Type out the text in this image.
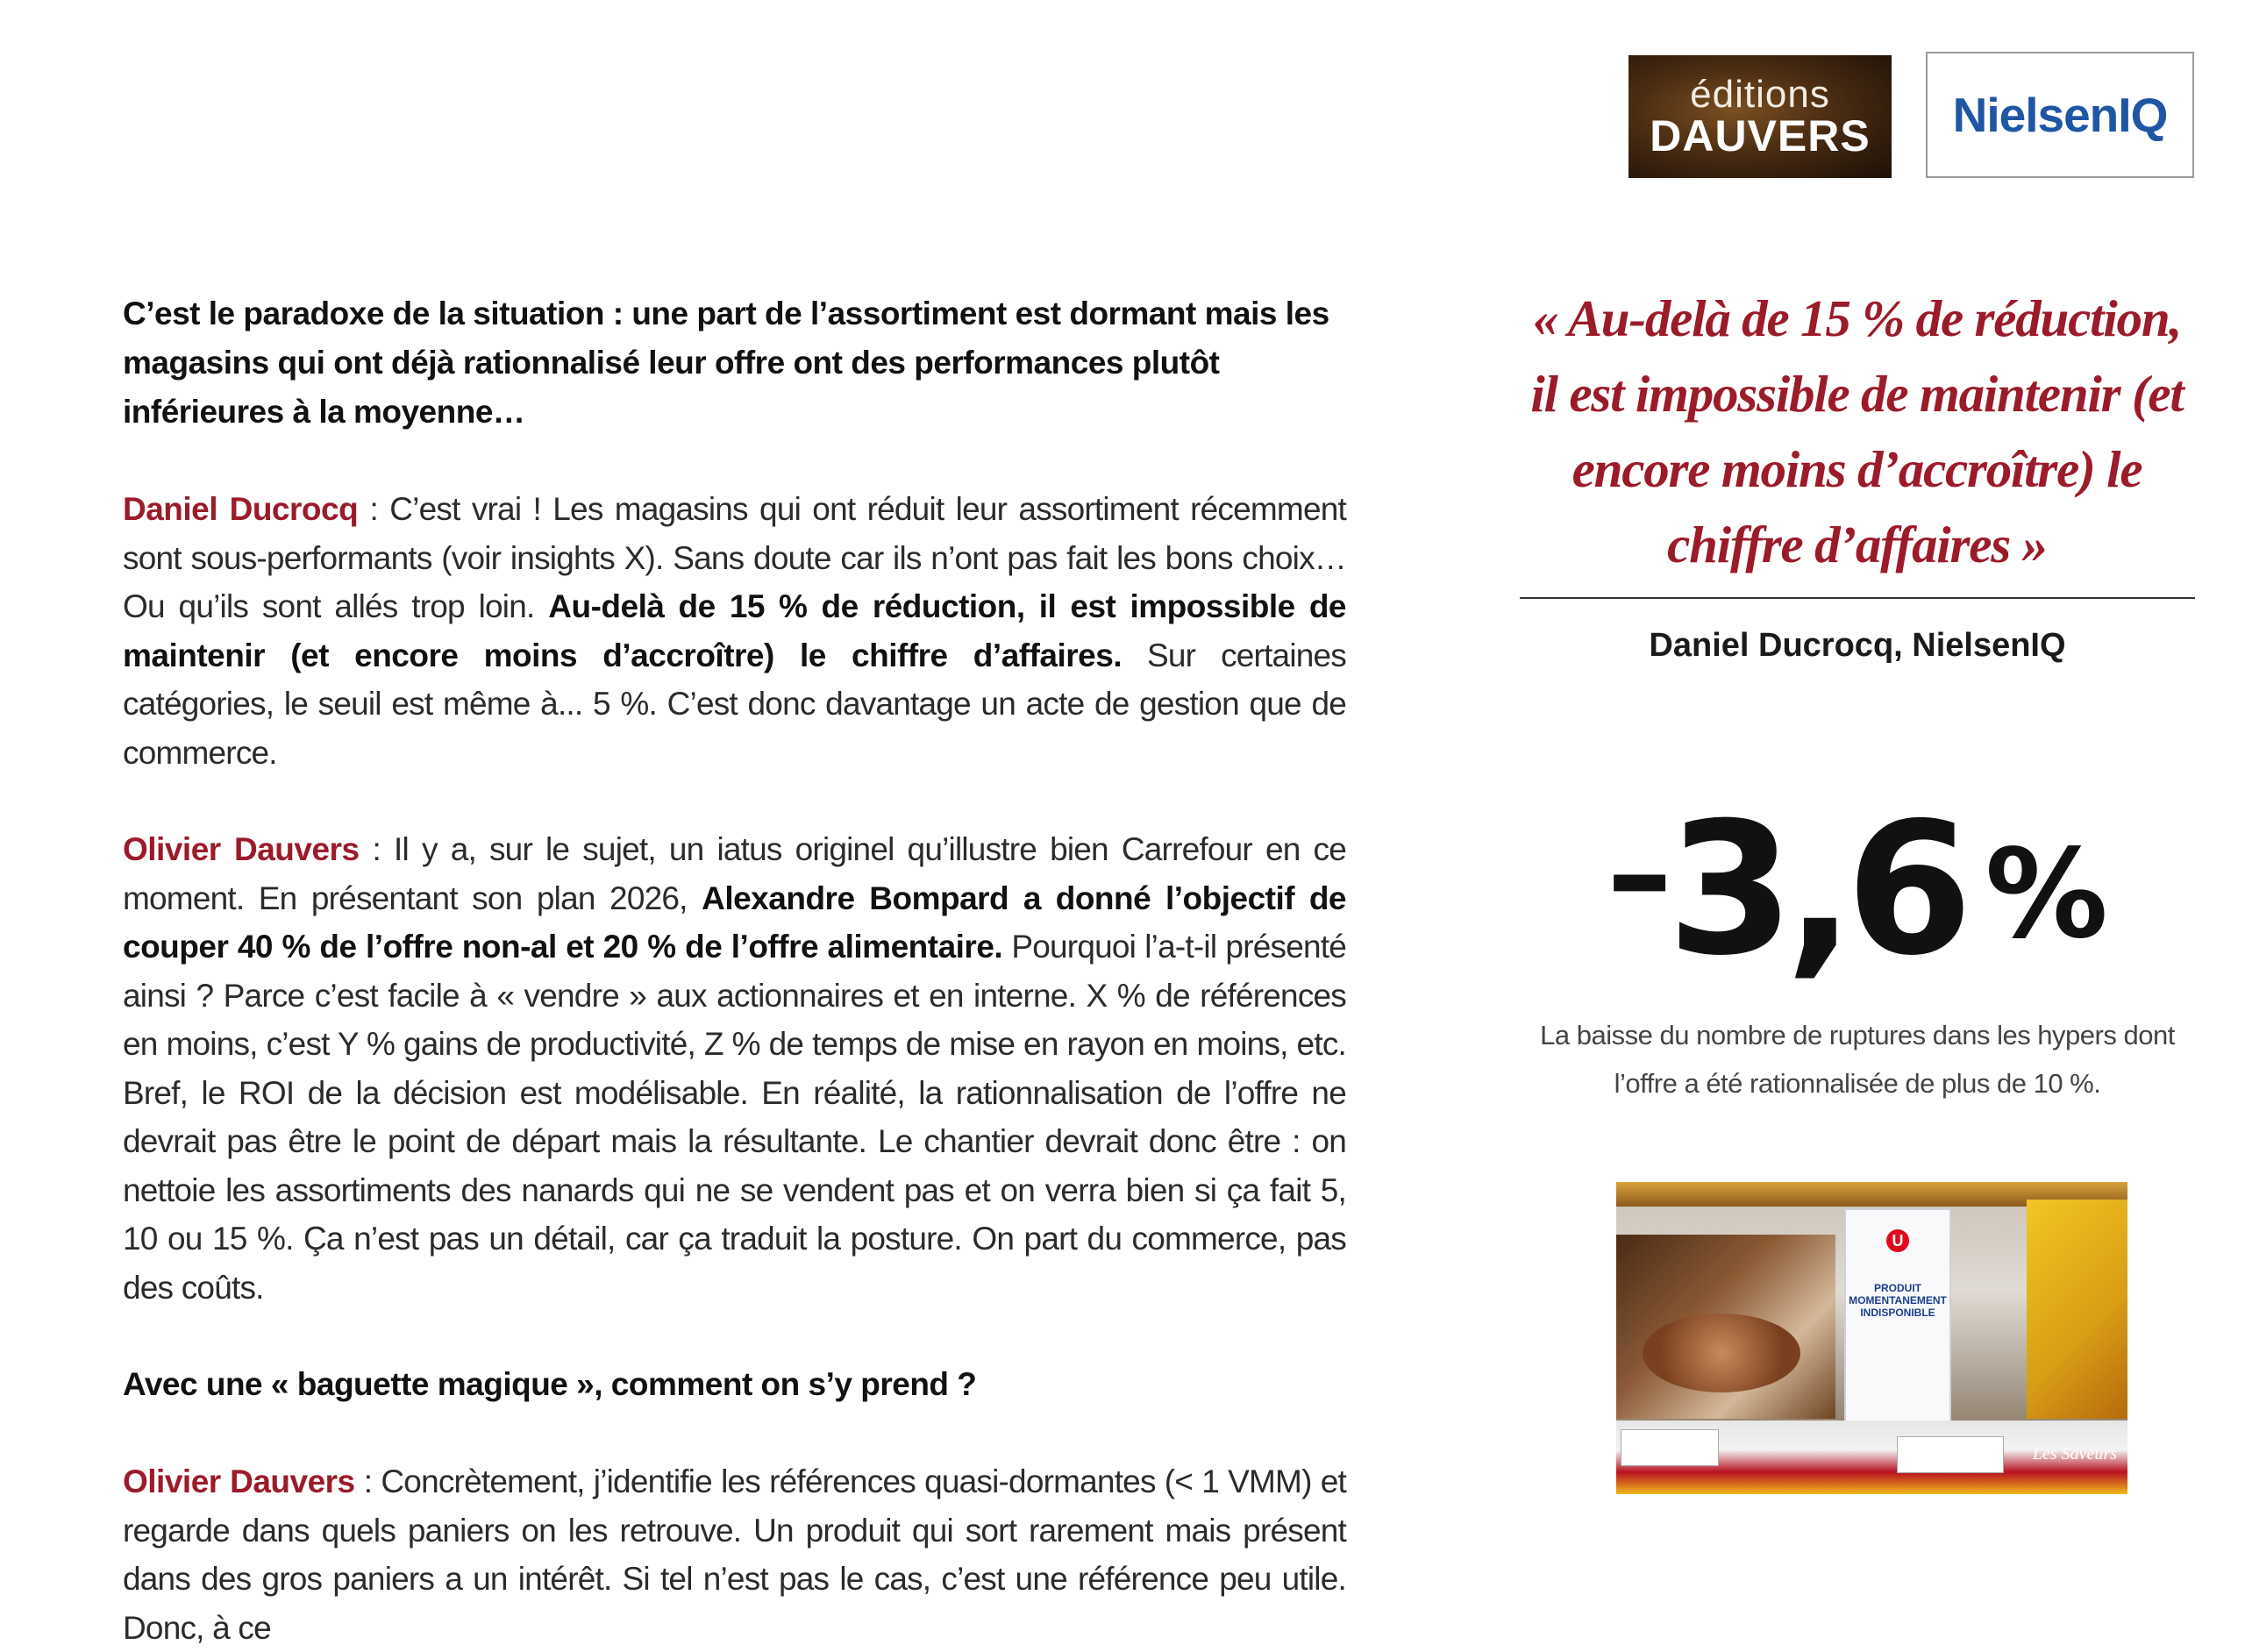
éditions
DAUVERS	NielsenIQ

C’est le paradoxe de la situation : une part de l’assortiment est dormant mais les magasins qui ont déjà rationnalisé leur offre ont des performances plutôt inférieures à la moyenne…

Daniel Ducrocq : C’est vrai ! Les magasins qui ont réduit leur assortiment récemment sont sous-performants (voir insights X). Sans doute car ils n’ont pas fait les bons choix… Ou qu’ils sont allés trop loin. Au-delà de 15 % de réduction, il est impossible de maintenir (et encore moins d’accroître) le chiffre d’affaires. Sur certaines catégories, le seuil est même à... 5 %. C’est donc davantage un acte de gestion que de commerce.

Olivier Dauvers : Il y a, sur le sujet, un iatus originel qu’illustre bien Carrefour en ce moment. En présentant son plan 2026, Alexandre Bompard a donné l’objectif de couper 40 % de l’offre non-al et 20 % de l’offre alimentaire. Pourquoi l’a-t-il présenté ainsi ? Parce c’est facile à « vendre » aux actionnaires et en interne. X % de références en moins, c’est Y % gains de productivité, Z % de temps de mise en rayon en moins, etc. Bref, le ROI de la décision est modélisable. En réalité, la rationnalisation de l’offre ne devrait pas être le point de départ mais la résultante. Le chantier devrait donc être : on nettoie les assortiments des nanards qui ne se vendent pas et on verra bien si ça fait 5, 10 ou 15 %. Ça n’est pas un détail, car ça traduit la posture. On part du commerce, pas des coûts.

Avec une « baguette magique », comment on s’y prend ?

Olivier Dauvers : Concrètement, j’identifie les références quasi-dormantes (< 1 VMM) et regarde dans quels paniers on les retrouve. Un produit qui sort rarement mais présent dans des gros paniers a un intérêt. Si tel n’est pas le cas, c’est une référence peu utile. Donc, à ce

« Au-delà de 15 % de réduction, il est impossible de maintenir (et encore moins d’accroître) le chiffre d’affaires »

Daniel Ducrocq, NielsenIQ
–3,6 %
La baisse du nombre de ruptures dans les hypers dont l’offre a été rationnalisée de plus de 10 %.
U
PRODUIT MOMENTANEMENT INDISPONIBLE
Les Saveurs
